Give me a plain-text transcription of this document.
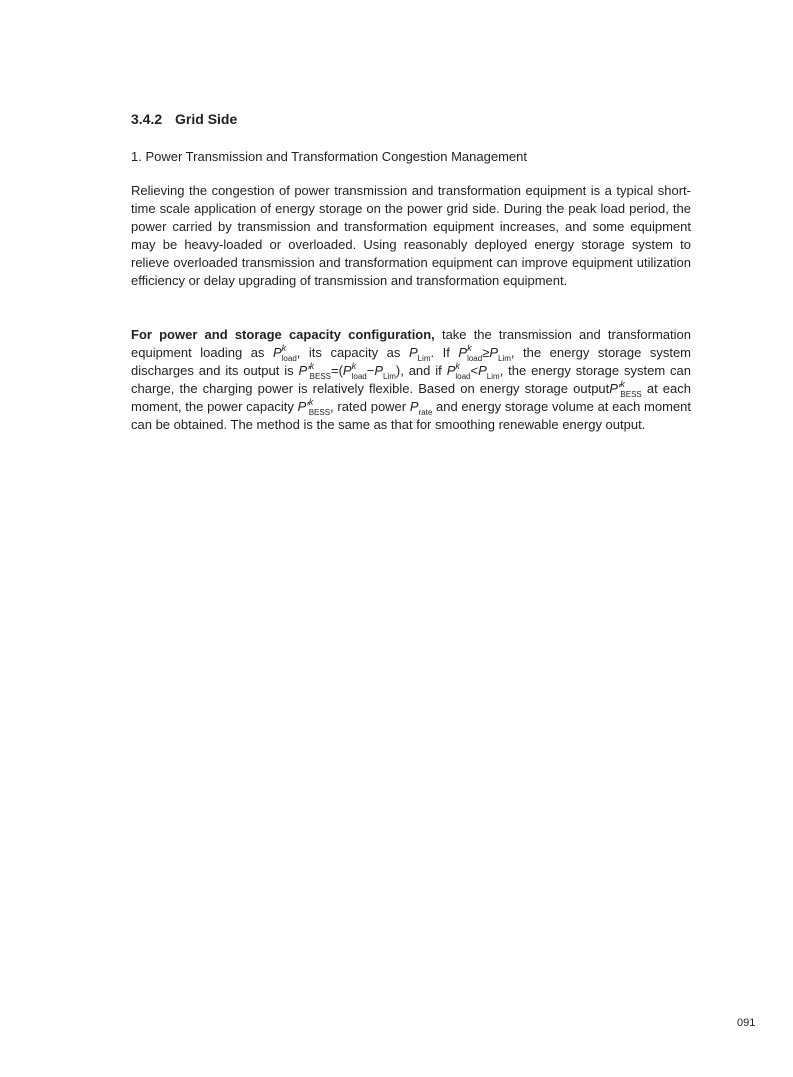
3.4.2 Grid Side
1. Power Transmission and Transformation Congestion Management
Relieving the congestion of power transmission and transformation equipment is a typical short-time scale application of energy storage on the power grid side. During the peak load period, the power carried by transmission and transformation equipment increases, and some equipment may be heavy-loaded or overloaded. Using reasonably deployed energy storage system to relieve overloaded transmission and transformation equipment can improve equipment utilization efficiency or delay upgrading of transmission and transformation equipment.
For power and storage capacity configuration, take the transmission and transformation equipment loading as P k
load , its capacity as P
Lim . If P k
load ≥P
Lim , the energy storage system discharges and its output is P′ k
BESS =(P k
load −P
Lim ), and if P k
load <P
Lim , the energy storage system can charge, the charging power is relatively flexible. Based on energy storage outputP′ k
BESS at each moment, the power capacity P′ k
BESS , rated power P
rate and energy storage volume at each moment can be obtained. The method is the same as that for smoothing renewable energy output.
091
